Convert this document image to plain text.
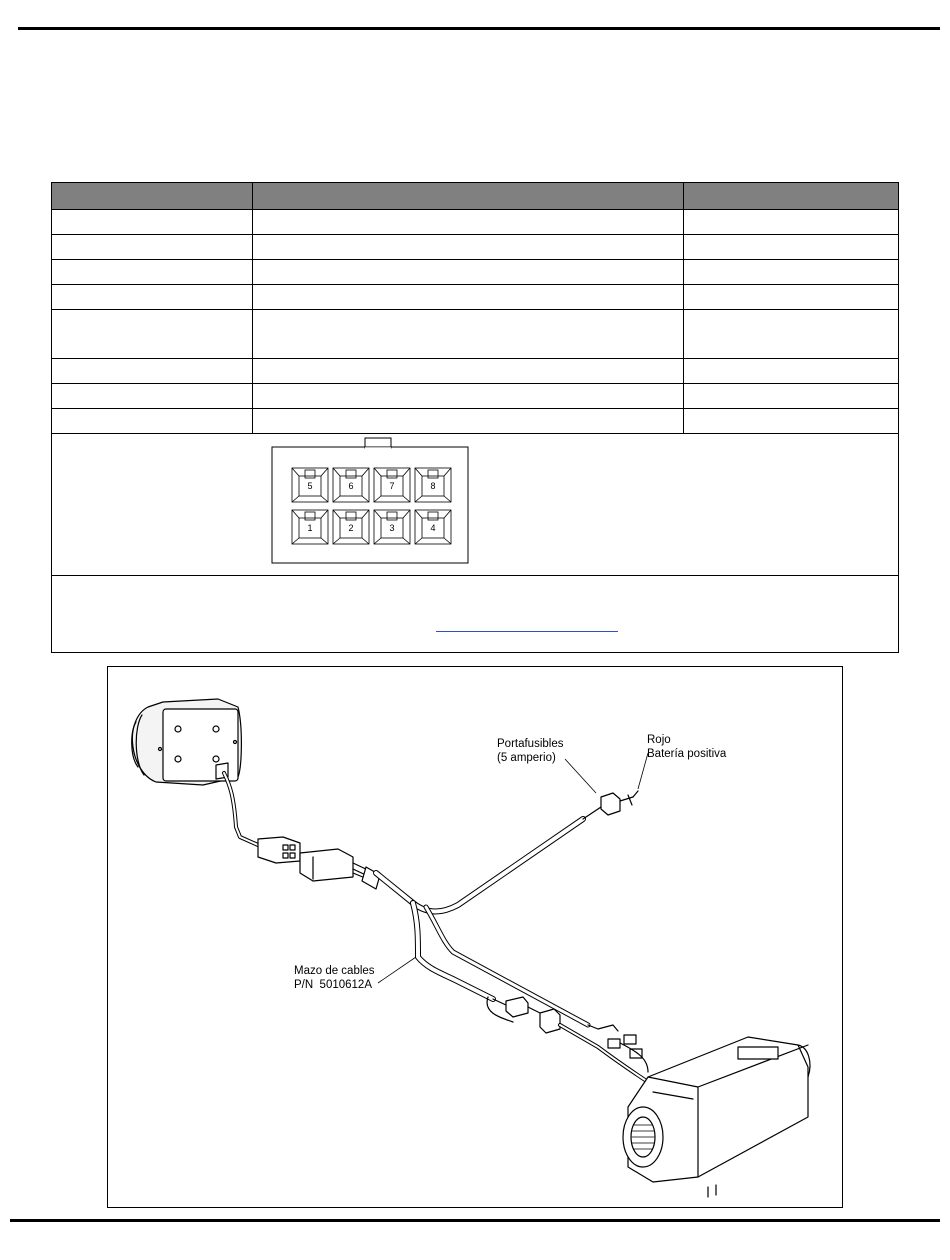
5	6	7	8
1	2	3	4
Portafusibles
(5 amperio)
Rojo
Batería positiva
Mazo de cables
P/N  5010612A
